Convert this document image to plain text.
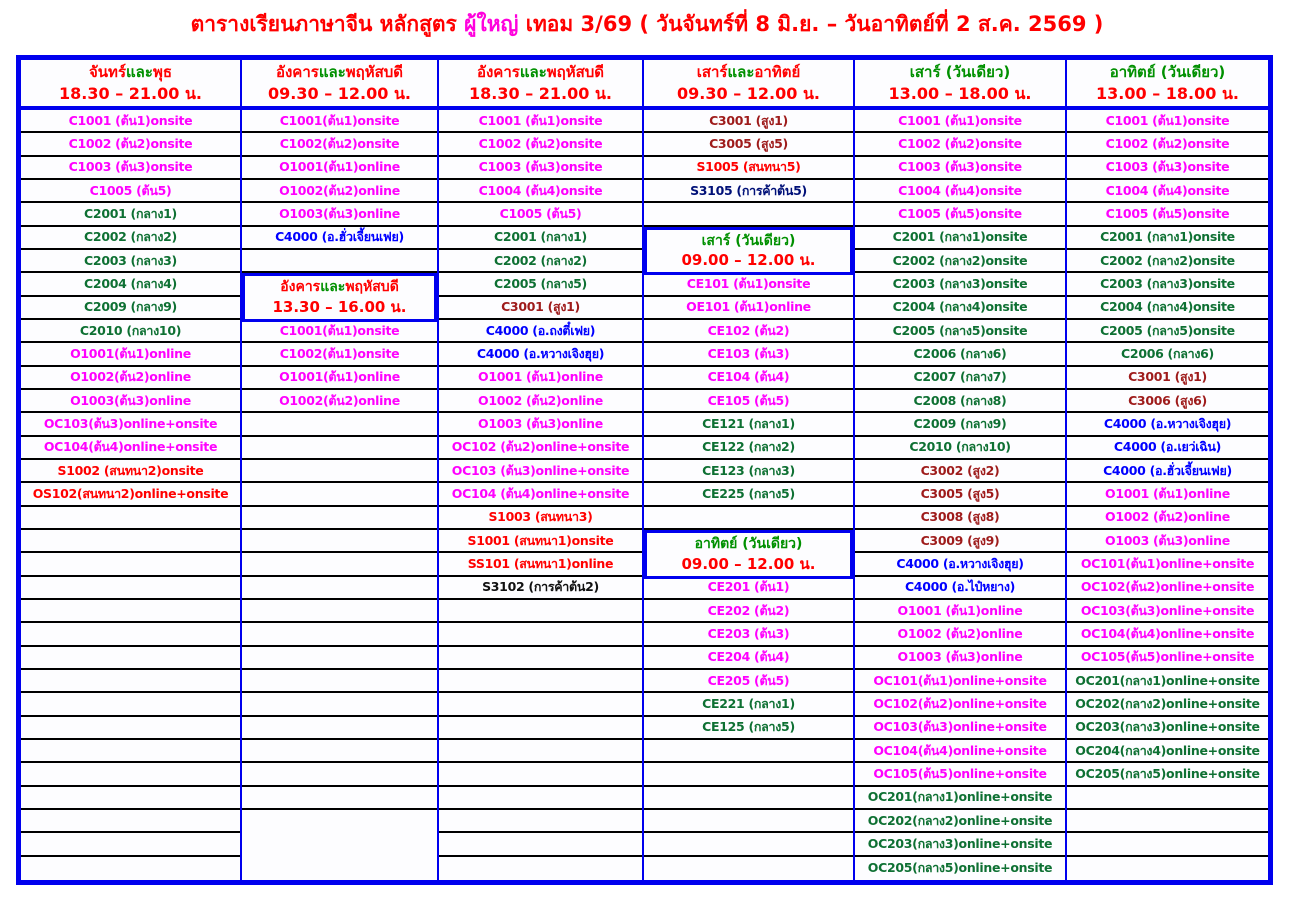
ตารางเรียนภาษาจีน หลักสูตร ผู้ใหญ่ เทอม 3/69 ( วันจันทร์ที่ 8 มิ.ย. – วันอาทิตย์ที่ 2 ส.ค. 2569 )
จันทร์และพุธ
18.30 – 21.00 น.
อังคารและพฤหัสบดี
09.30 – 12.00 น.
อังคารและพฤหัสบดี
18.30 – 21.00 น.
เสาร์และอาทิตย์
09.30 – 12.00 น.
เสาร์ (วันเดียว)
13.00 – 18.00 น.
อาทิตย์ (วันเดียว)
13.00 – 18.00 น.
C1001 (ต้น1)onsite
C1002 (ต้น2)onsite
C1003 (ต้น3)onsite
C1005 (ต้น5)
C2001 (กลาง1)
C2002 (กลาง2)
C2003 (กลาง3)
C2004 (กลาง4)
C2009 (กลาง9)
C2010 (กลาง10)
O1001(ต้น1)online
O1002(ต้น2)online
O1003(ต้น3)online
OC103(ต้น3)online+onsite
OC104(ต้น4)online+onsite
S1002 (สนทนา2)onsite
OS102(สนทนา2)online+onsite
C1001(ต้น1)onsite
C1002(ต้น2)onsite
O1001(ต้น1)online
O1002(ต้น2)online
O1003(ต้น3)online
C4000 (อ.ฮั่วเจี้ยนเฟย)
อังคารและพฤหัสบดี
13.30 – 16.00 น.
C1001(ต้น1)onsite
C1002(ต้น1)onsite
O1001(ต้น1)online
O1002(ต้น2)online
C1001 (ต้น1)onsite
C1002 (ต้น2)onsite
C1003 (ต้น3)onsite
C1004 (ต้น4)onsite
C1005 (ต้น5)
C2001 (กลาง1)
C2002 (กลาง2)
C2005 (กลาง5)
C3001 (สูง1)
C4000 (อ.ถงตี๋เฟย)
C4000 (อ.หวางเจิงฮุย)
O1001 (ต้น1)online
O1002 (ต้น2)online
O1003 (ต้น3)online
OC102 (ต้น2)online+onsite
OC103 (ต้น3)online+onsite
OC104 (ต้น4)online+onsite
S1003 (สนทนา3)
S1001 (สนทนา1)onsite
SS101 (สนทนา1)online
S3102 (การค้าต้น2)
C3001 (สูง1)
C3005 (สูง5)
S1005 (สนทนา5)
S3105 (การค้าต้น5)
เสาร์ (วันเดียว)
09.00 – 12.00 น.
CE101 (ต้น1)onsite
OE101 (ต้น1)online
CE102 (ต้น2)
CE103 (ต้น3)
CE104 (ต้น4)
CE105 (ต้น5)
CE121 (กลาง1)
CE122 (กลาง2)
CE123 (กลาง3)
CE225 (กลาง5)
อาทิตย์ (วันเดียว)
09.00 – 12.00 น.
CE201 (ต้น1)
CE202 (ต้น2)
CE203 (ต้น3)
CE204 (ต้น4)
CE205 (ต้น5)
CE221 (กลาง1)
CE125 (กลาง5)
C1001 (ต้น1)onsite
C1002 (ต้น2)onsite
C1003 (ต้น3)onsite
C1004 (ต้น4)onsite
C1005 (ต้น5)onsite
C2001 (กลาง1)onsite
C2002 (กลาง2)onsite
C2003 (กลาง3)onsite
C2004 (กลาง4)onsite
C2005 (กลาง5)onsite
C2006 (กลาง6)
C2007 (กลาง7)
C2008 (กลาง8)
C2009 (กลาง9)
C2010 (กลาง10)
C3002 (สูง2)
C3005 (สูง5)
C3008 (สูง8)
C3009 (สูง9)
C4000 (อ.หวางเจิงฮุย)
C4000 (อ.ไป๋หยาง)
O1001 (ต้น1)online
O1002 (ต้น2)online
O1003 (ต้น3)online
OC101(ต้น1)online+onsite
OC102(ต้น2)online+onsite
OC103(ต้น3)online+onsite
OC104(ต้น4)online+onsite
OC105(ต้น5)online+onsite
OC201(กลาง1)online+onsite
OC202(กลาง2)online+onsite
OC203(กลาง3)online+onsite
OC205(กลาง5)online+onsite
C1001 (ต้น1)onsite
C1002 (ต้น2)onsite
C1003 (ต้น3)onsite
C1004 (ต้น4)onsite
C1005 (ต้น5)onsite
C2001 (กลาง1)onsite
C2002 (กลาง2)onsite
C2003 (กลาง3)onsite
C2004 (กลาง4)onsite
C2005 (กลาง5)onsite
C2006 (กลาง6)
C3001 (สูง1)
C3006 (สูง6)
C4000 (อ.หวางเจิงฮุย)
C4000 (อ.เยว่เฉิน)
C4000 (อ.ฮั่วเจี้ยนเฟย)
O1001 (ต้น1)online
O1002 (ต้น2)online
O1003 (ต้น3)online
OC101(ต้น1)online+onsite
OC102(ต้น2)online+onsite
OC103(ต้น3)online+onsite
OC104(ต้น4)online+onsite
OC105(ต้น5)online+onsite
OC201(กลาง1)online+onsite
OC202(กลาง2)online+onsite
OC203(กลาง3)online+onsite
OC204(กลาง4)online+onsite
OC205(กลาง5)online+onsite
